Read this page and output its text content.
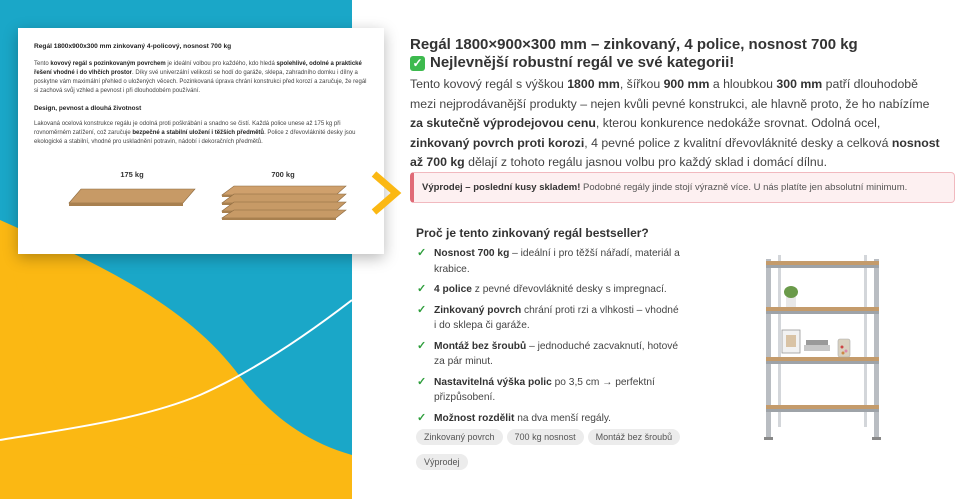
Regál 1800x900x300 mm zinkovaný 4-policový, nosnost 700 kg

Tento kovový regál s pozinkovaným povrchem je ideální volbou pro každého, kdo hledá spolehlivé, odolné a praktické řešení vhodné i do vlhčích prostor. Díky své univerzální velikosti se hodí do garáže, sklepa, zahradního domku i dílny a poskytne vám maximální přehled o uložených věcech. Pozinkovaná úprava chrání konstrukci před korozí a zaručuje, že regál si zachová svůj vzhled a pevnost i při dlouhodobém používání.

Design, pevnost a dlouhá životnost

Lakovaná ocelová konstrukce regálu je odolná proti poškrábání a snadno se čistí. Každá police unese až 175 kg při rovnoměrném zatížení, což zaručuje bezpečné a stabilní uložení i těžších předmětů. Police z dřevovláknité desky jsou ekologické a stabilní, vhodné pro uskladnění potravin, nádobí i dekoračních předmětů.

175 kg	700 kg
Regál 1800×900×300 mm – zinkovaný, 4 police, nosnost 700 kg
✓ Nejlevnější robustní regál ve své kategorii!
Tento kovový regál s výškou 1800 mm, šířkou 900 mm a hloubkou 300 mm patří dlouhodobě mezi nejprodávanější produkty – nejen kvůli pevné konstrukci, ale hlavně proto, že ho nabízíme za skutečně výprodejovou cenu, kterou konkurence nedokáže srovnat. Odolná ocel, zinkovaný povrch proti korozi, 4 pevné police z kvalitní dřevovláknité desky a celková nosnost až 700 kg dělají z tohoto regálu jasnou volbu pro každý sklad i domácí dílnu.
Výprodej – poslední kusy skladem! Podobné regály jinde stojí výrazně více. U nás platíte jen absolutní minimum.
Proč je tento zinkovaný regál bestseller?
✓ Nosnost 700 kg – ideální i pro těžší nářadí, materiál a krabice.
✓ 4 police z pevné dřevovláknité desky s impregnací.
✓ Zinkovaný povrch chrání proti rzi a vlhkosti – vhodné i do sklepa či garáže.
✓ Montáž bez šroubů – jednoduché zacvaknutí, hotové za pár minut.
✓ Nastavitelná výška polic po 3,5 cm → perfektní přizpůsobení.
✓ Možnost rozdělit na dva menší regály.
Zinkovaný povrch 700 kg nosnost Montáž bez šroubůVýprodej
